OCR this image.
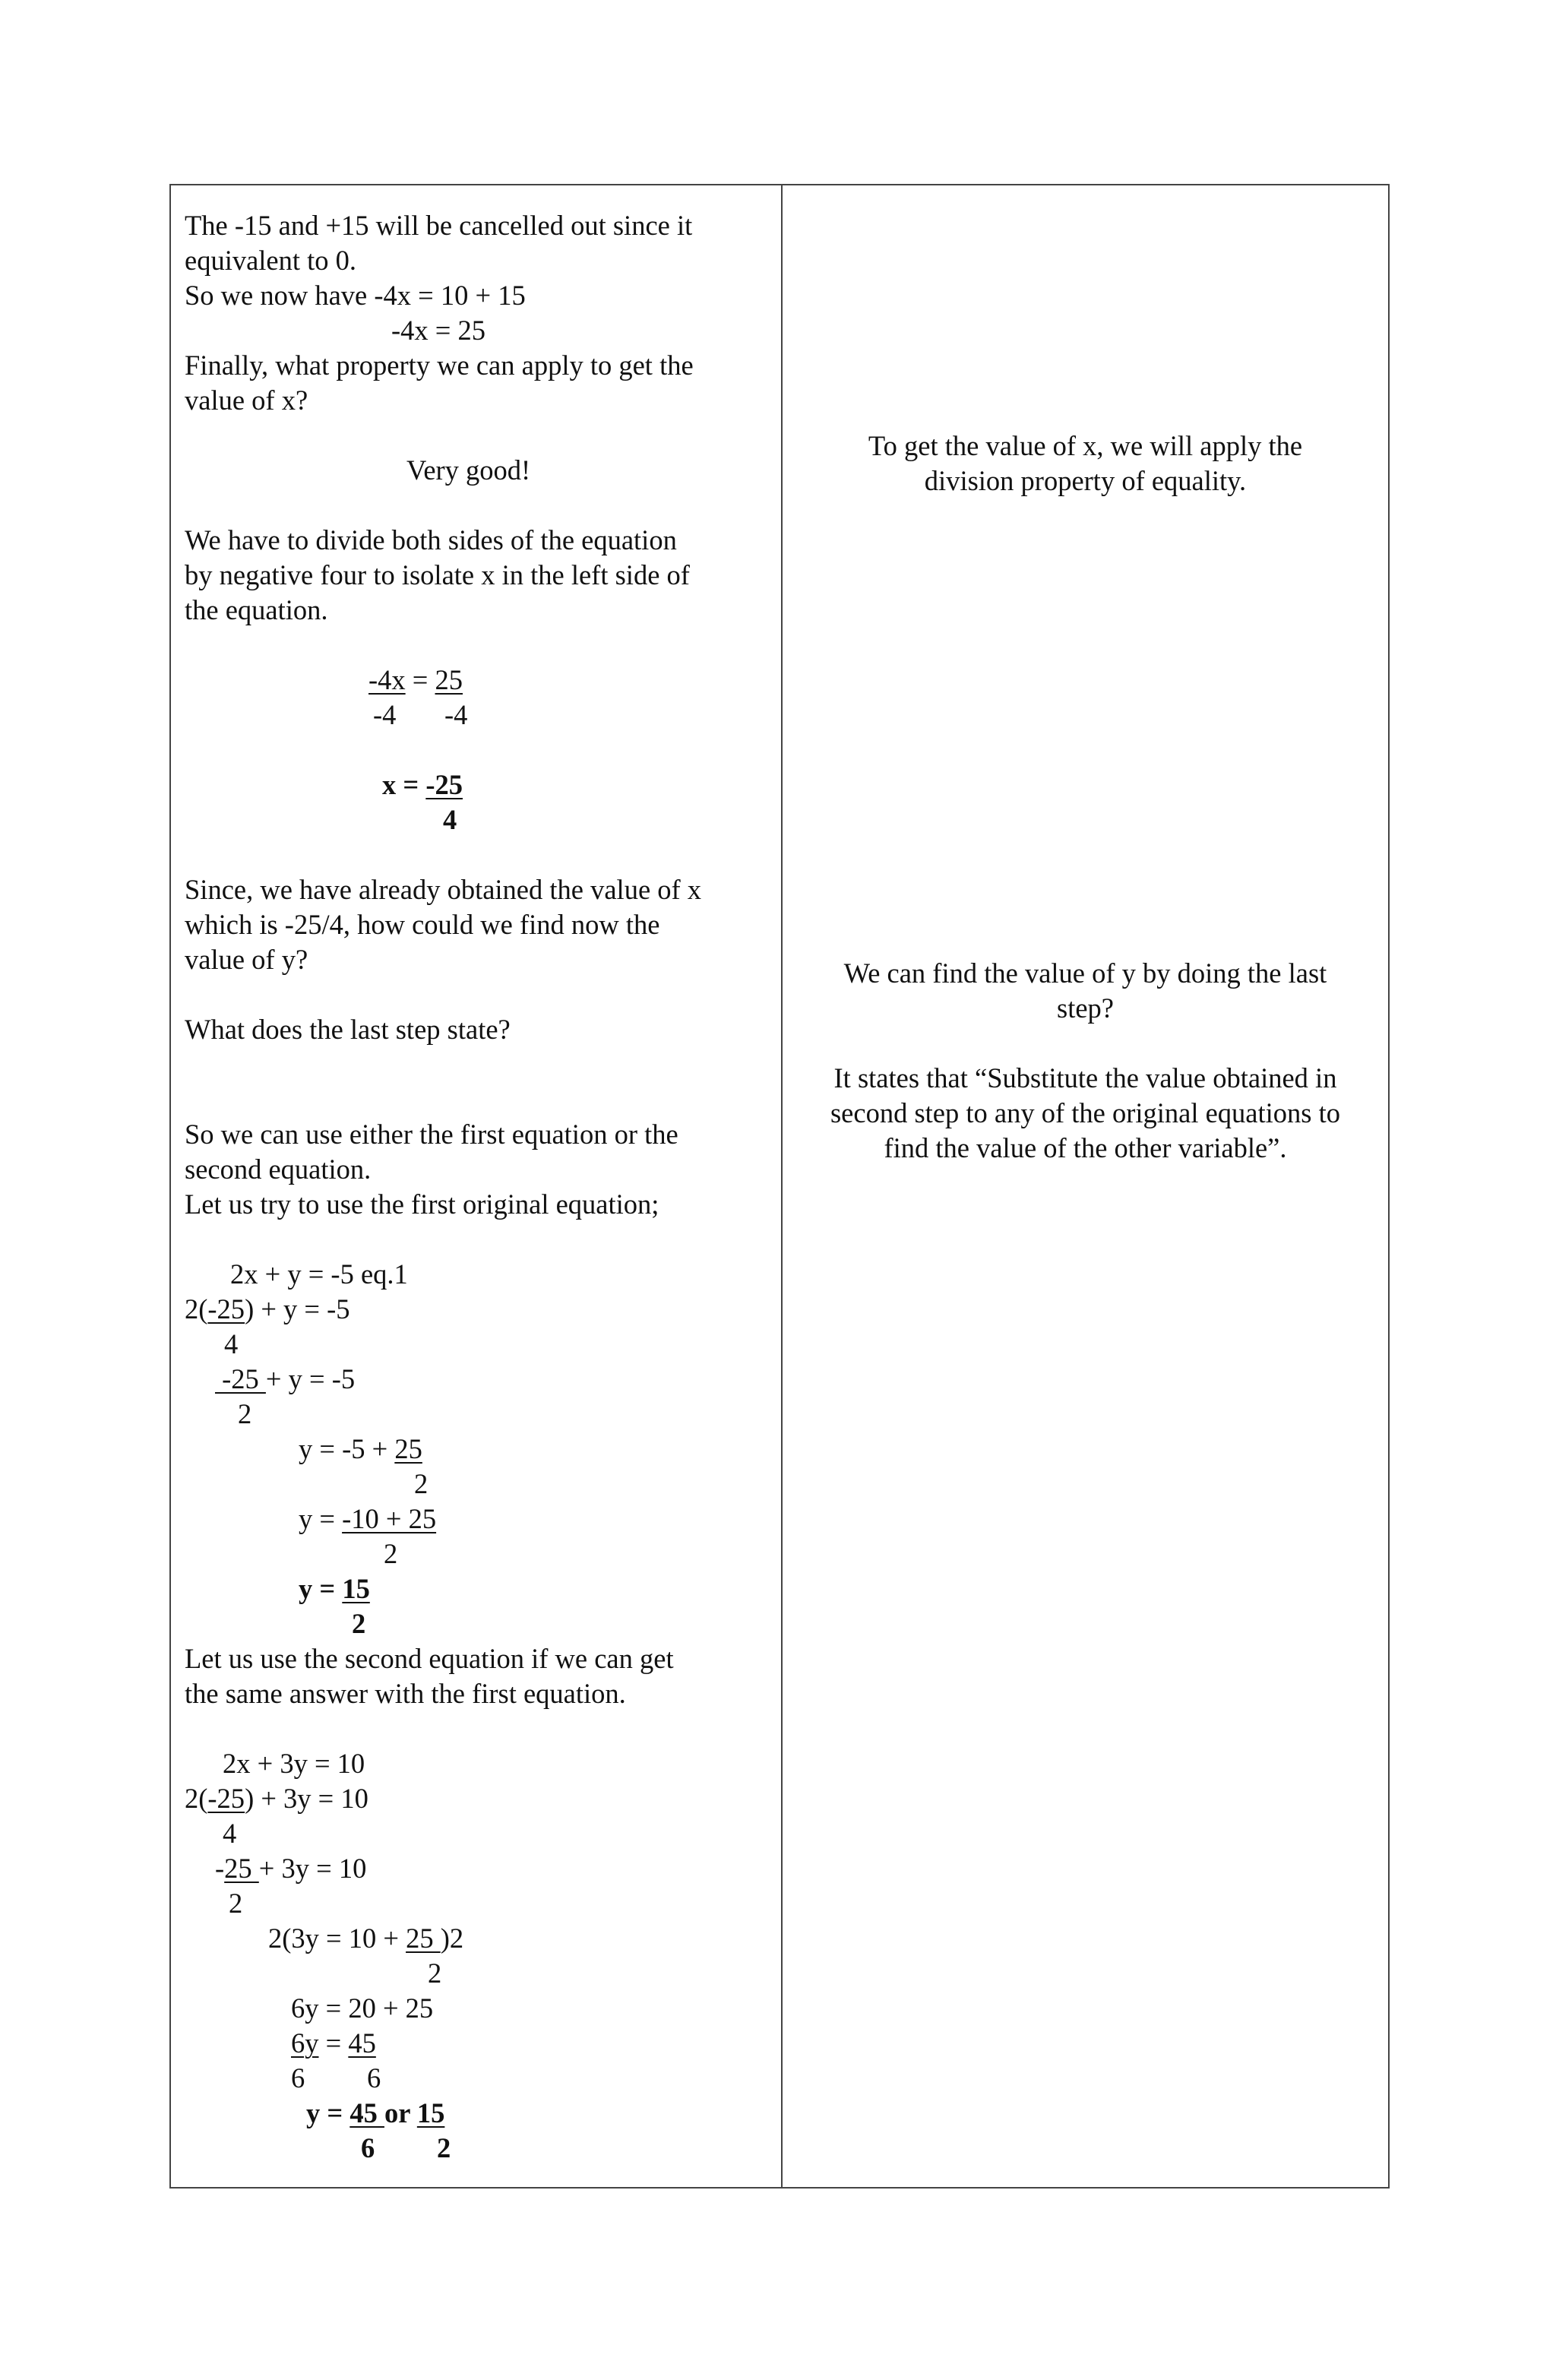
The -15 and +15 will be cancelled out since it

equivalent to 0.

So we now have -4x = 10 + 15

-4x = 25

Finally, what property we can apply to get the

value of x?

Very good!

We have to divide both sides of the equation

by negative four to isolate x in the left side of

the equation.

-4x = 25

-4 -4

x = -25

4

Since, we have already obtained the value of x

which is -25/4, how could we find now the

value of y?

What does the last step state?

So we can use either the first equation or the

second equation.

Let us try to use the first original equation;

2x + y = -5 eq.1

2(-25) + y = -5

4

-25 + y = -5

2

y = -5 + 25

2

y = -10 + 25

2

y = 15

2

Let us use the second equation if we can get

the same answer with the first equation.

2x + 3y = 10

2(-25) + 3y = 10

4

-25 + 3y = 10

2

2(3y = 10 + 25 )2

2

6y = 20 + 25

6y = 45

6 6

y = 45 or 15

6 2

To get the value of x, we will apply the

division property of equality.

We can find the value of y by doing the last

step?

It states that “Substitute the value obtained in

second step to any of the original equations to

find the value of the other variable”.
